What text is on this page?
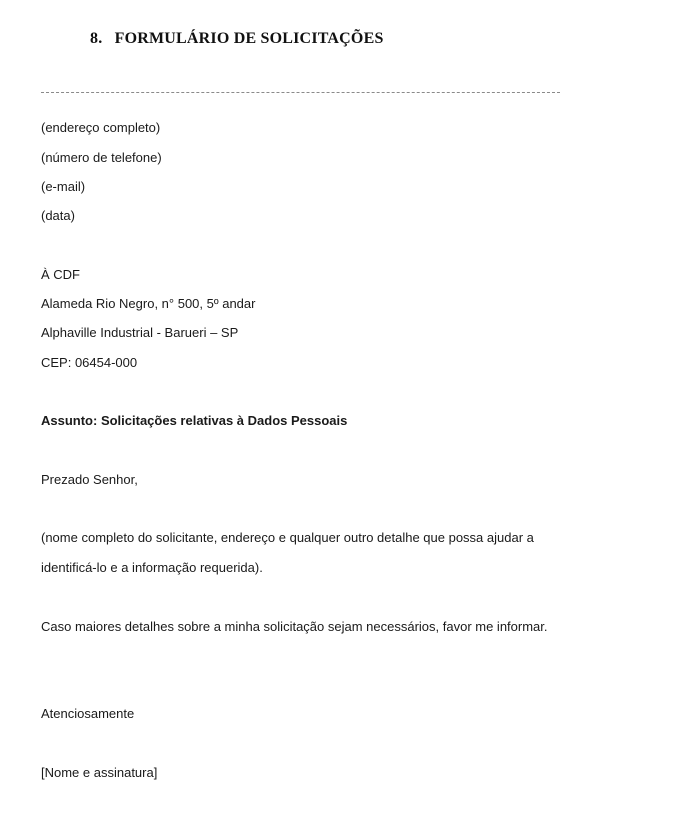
8. FORMULÁRIO DE SOLICITAÇÕES
(endereço completo)
(número de telefone)
(e-mail)
(data)
À CDF
Alameda Rio Negro, n° 500, 5º andar
Alphaville Industrial - Barueri – SP
CEP: 06454-000
Assunto: Solicitações relativas à Dados Pessoais
Prezado Senhor,
(nome completo do solicitante, endereço e qualquer outro detalhe que possa ajudar a
identificá-lo e a informação requerida).
Caso maiores detalhes sobre a minha solicitação sejam necessários, favor me informar.
Atenciosamente
[Nome e assinatura]
